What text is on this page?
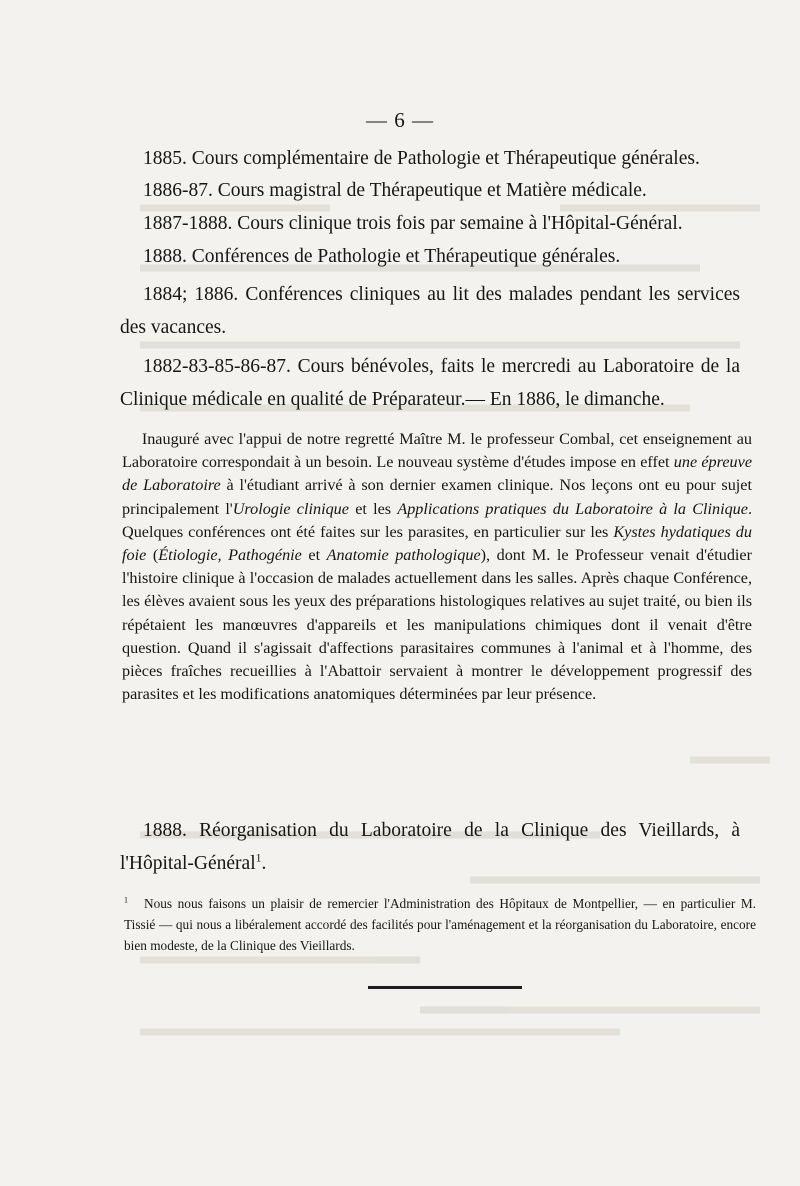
— 6 —
1885. Cours complémentaire de Pathologie et Thérapeutique générales.
1886-87. Cours magistral de Thérapeutique et Matière médicale.
1887-1888. Cours clinique trois fois par semaine à l'Hôpital-Général.
1888. Conférences de Pathologie et Thérapeutique générales.
1884; 1886. Conférences cliniques au lit des malades pendant les services des vacances.
1882-83-85-86-87. Cours bénévoles, faits le mercredi au Laboratoire de la Clinique médicale en qualité de Préparateur.— En 1886, le dimanche.
Inauguré avec l'appui de notre regretté Maître M. le professeur Combal, cet enseignement au Laboratoire correspondait à un besoin. Le nouveau système d'études impose en effet une épreuve de Laboratoire à l'étudiant arrivé à son dernier examen clinique. Nos leçons ont eu pour sujet principalement l'Urologie clinique et les Applications pratiques du Laboratoire à la Clinique. Quelques conférences ont été faites sur les parasites, en particulier sur les Kystes hydatiques du foie (Étiologie, Pathogénie et Anatomie pathologique), dont M. le Professeur venait d'étudier l'histoire clinique à l'occasion de malades actuellement dans les salles. Après chaque Conférence, les élèves avaient sous les yeux des préparations histologiques relatives au sujet traité, ou bien ils répétaient les manœuvres d'appareils et les manipulations chimiques dont il venait d'être question. Quand il s'agissait d'affections parasitaires communes à l'animal et à l'homme, des pièces fraîches recueillies à l'Abattoir servaient à montrer le développement progressif des parasites et les modifications anatomiques déterminées par leur présence.
1888. Réorganisation du Laboratoire de la Clinique des Vieillards, à l'Hôpital-Général$^1$.
$^1$ Nous nous faisons un plaisir de remercier l'Administration des Hôpitaux de Montpellier, — en particulier M. Tissié — qui nous a libéralement accordé des facilités pour l'aménagement et la réorganisation du Laboratoire, encore bien modeste, de la Clinique des Vieillards.
